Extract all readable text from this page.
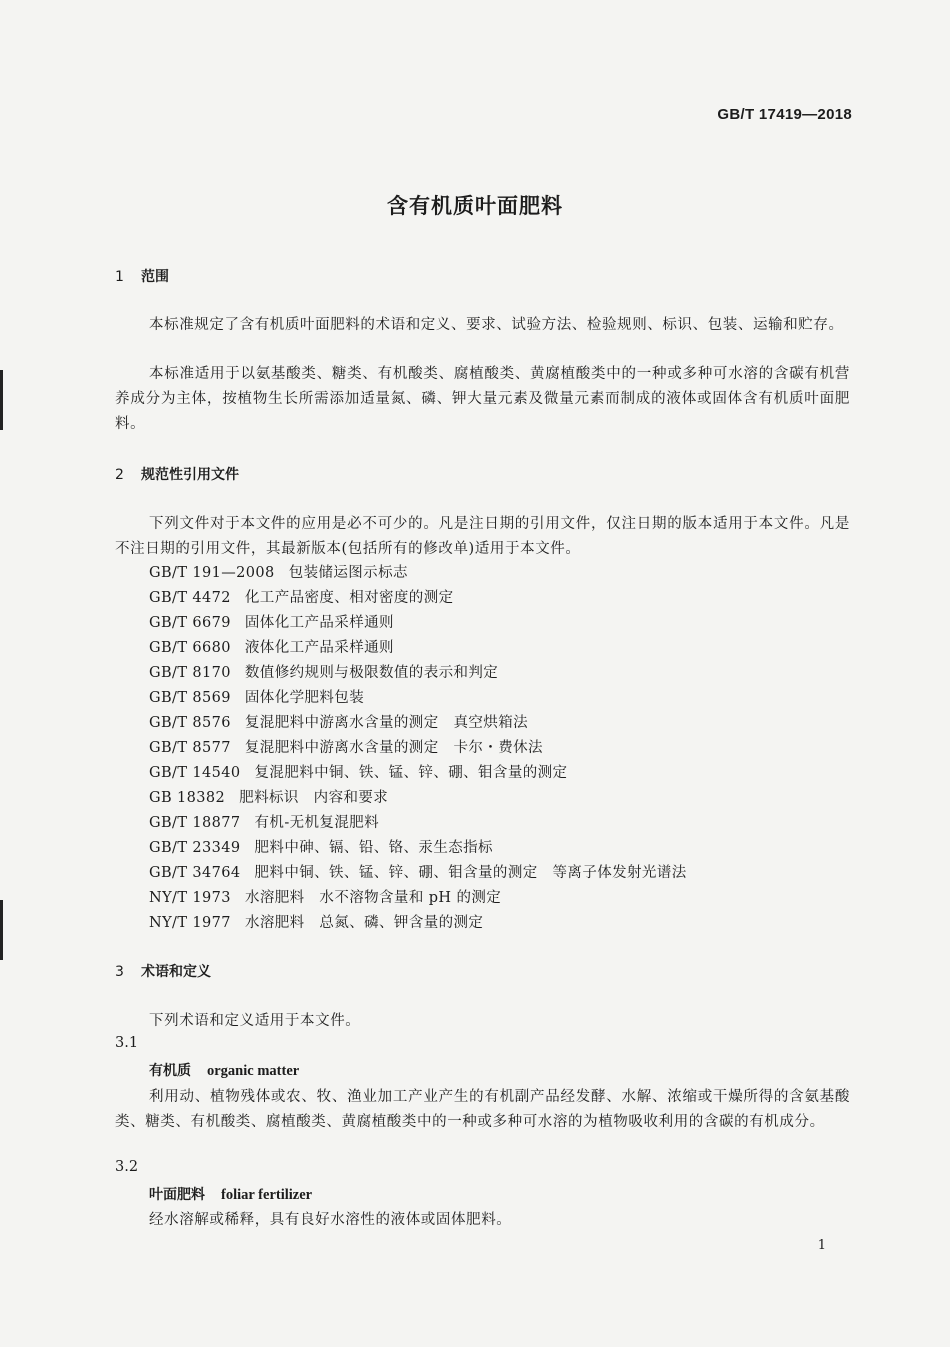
GB/T 17419—2018
含有机质叶面肥料
1 范围
本标准规定了含有机质叶面肥料的术语和定义、要求、试验方法、检验规则、标识、包装、运输和贮存。
本标准适用于以氨基酸类、糖类、有机酸类、腐植酸类、黄腐植酸类中的一种或多种可水溶的含碳有机营养成分为主体，按植物生长所需添加适量氮、磷、钾大量元素及微量元素而制成的液体或固体含有机质叶面肥料。
2 规范性引用文件
下列文件对于本文件的应用是必不可少的。凡是注日期的引用文件，仅注日期的版本适用于本文件。凡是不注日期的引用文件，其最新版本(包括所有的修改单)适用于本文件。
GB/T 191—2008 包装储运图示标志
GB/T 4472 化工产品密度、相对密度的测定
GB/T 6679 固体化工产品采样通则
GB/T 6680 液体化工产品采样通则
GB/T 8170 数值修约规则与极限数值的表示和判定
GB/T 8569 固体化学肥料包装
GB/T 8576 复混肥料中游离水含量的测定　真空烘箱法
GB/T 8577 复混肥料中游离水含量的测定　卡尔・费休法
GB/T 14540 复混肥料中铜、铁、锰、锌、硼、钼含量的测定
GB 18382 肥料标识　内容和要求
GB/T 18877 有机-无机复混肥料
GB/T 23349 肥料中砷、镉、铅、铬、汞生态指标
GB/T 34764 肥料中铜、铁、锰、锌、硼、钼含量的测定　等离子体发射光谱法
NY/T 1973 水溶肥料　水不溶物含量和 pH 的测定
NY/T 1977 水溶肥料　总氮、磷、钾含量的测定
3 术语和定义
下列术语和定义适用于本文件。
3.1
有机质 organic matter
利用动、植物残体或农、牧、渔业加工产业产生的有机副产品经发酵、水解、浓缩或干燥所得的含氨基酸类、糖类、有机酸类、腐植酸类、黄腐植酸类中的一种或多种可水溶的为植物吸收利用的含碳的有机成分。
3.2
叶面肥料 foliar fertilizer
经水溶解或稀释，具有良好水溶性的液体或固体肥料。
1
